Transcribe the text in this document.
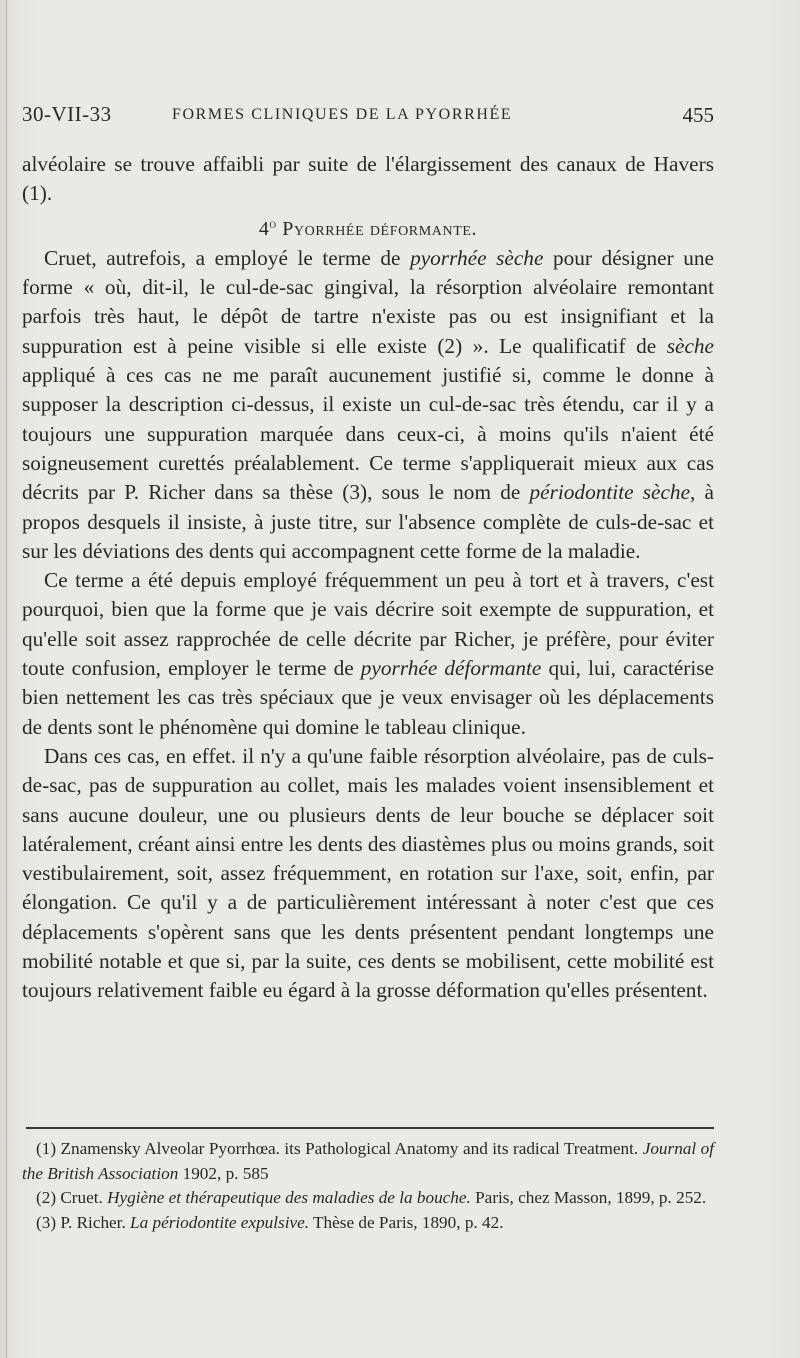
30-VII-33	FORMES CLINIQUES DE LA PYORRHÉE	455

alvéolaire se trouve affaibli par suite de l'élargissement des canaux de Havers (1).

4$^o$ Pyorrhée déformante.

Cruet, autrefois, a employé le terme de pyorrhée sèche pour désigner une forme « où, dit-il, le cul-de-sac gingival, la résorption alvéolaire remontant parfois très haut, le dépôt de tartre n'existe pas ou est insignifiant et la suppuration est à peine visible si elle existe (2) ». Le qualificatif de sèche appliqué à ces cas ne me paraît aucunement justifié si, comme le donne à supposer la description ci-dessus, il existe un cul-de-sac très étendu, car il y a toujours une suppuration marquée dans ceux-ci, à moins qu'ils n'aient été soigneusement curettés préalablement. Ce terme s'appliquerait mieux aux cas décrits par P. Richer dans sa thèse (3), sous le nom de périodontite sèche, à propos desquels il insiste, à juste titre, sur l'absence complète de culs-de-sac et sur les déviations des dents qui accompagnent cette forme de la maladie.

Ce terme a été depuis employé fréquemment un peu à tort et à travers, c'est pourquoi, bien que la forme que je vais décrire soit exempte de suppuration, et qu'elle soit assez rapprochée de celle décrite par Richer, je préfère, pour éviter toute confusion, employer le terme de pyorrhée déformante qui, lui, caractérise bien nettement les cas très spéciaux que je veux envisager où les déplacements de dents sont le phénomène qui domine le tableau clinique.

Dans ces cas, en effet. il n'y a qu'une faible résorption alvéolaire, pas de culs-de-sac, pas de suppuration au collet, mais les malades voient insensiblement et sans aucune douleur, une ou plusieurs dents de leur bouche se déplacer soit latéralement, créant ainsi entre les dents des diastèmes plus ou moins grands, soit vestibulairement, soit, assez fréquemment, en rotation sur l'axe, soit, enfin, par élongation. Ce qu'il y a de particulièrement intéressant à noter c'est que ces déplacements s'opèrent sans que les dents présentent pendant longtemps une mobilité notable et que si, par la suite, ces dents se mobilisent, cette mobilité est toujours relativement faible eu égard à la grosse déformation qu'elles présentent.

(1) Znamensky Alveolar Pyorrhœa. its Pathological Anatomy and its radical Treatment. Journal of the British Association 1902, p. 585

(2) Cruet. Hygiène et thérapeutique des maladies de la bouche. Paris, chez Masson, 1899, p. 252.

(3) P. Richer. La périodontite expulsive. Thèse de Paris, 1890, p. 42.
